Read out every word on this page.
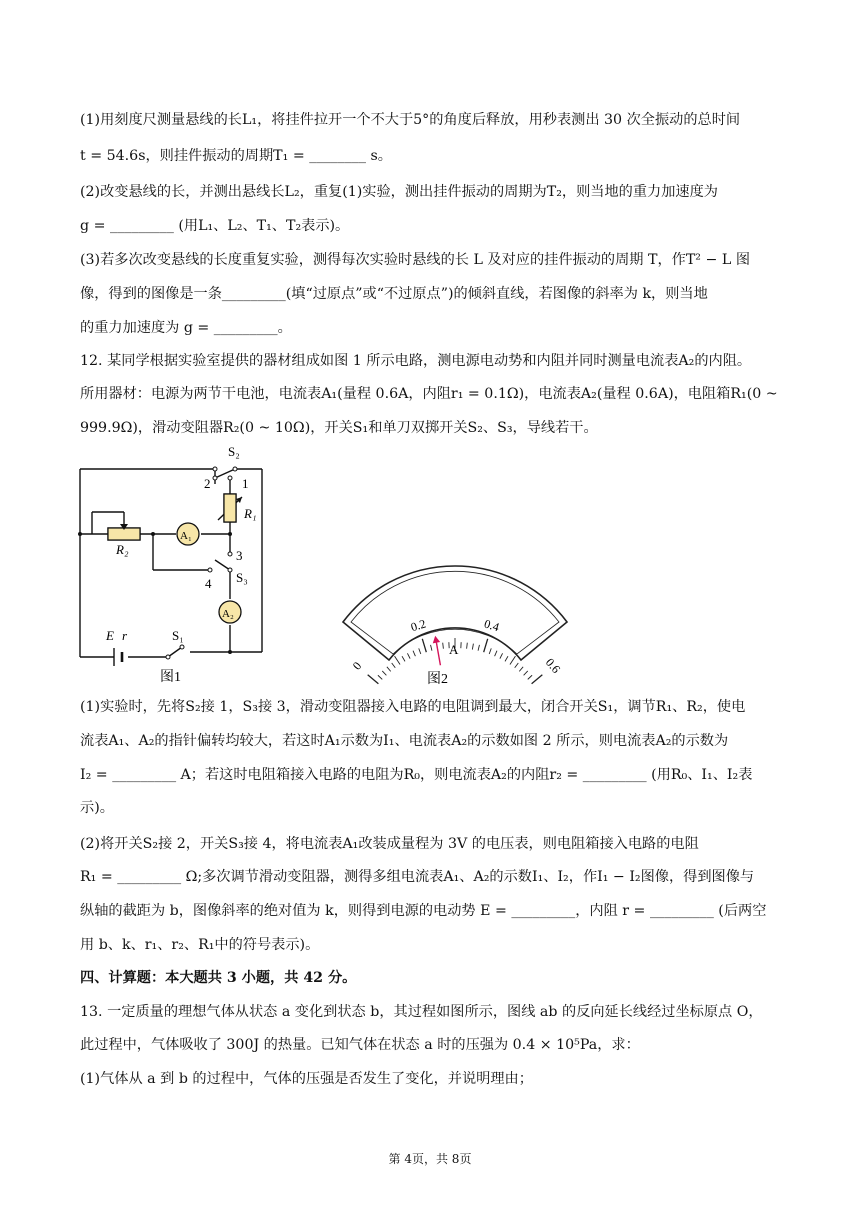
(1)用刻度尺测量悬线的长L₁，将挂件拉开一个不大于5°的角度后释放，用秒表测出 30 次全振动的总时间
t = 54.6s，则挂件振动的周期T₁ = ________ s。
(2)改变悬线的长，并测出悬线长L₂，重复(1)实验，测出挂件振动的周期为T₂，则当地的重力加速度为
g = _________ (用L₁、L₂、T₁、T₂表示)。
(3)若多次改变悬线的长度重复实验，测得每次实验时悬线的长 L 及对应的挂件振动的周期 T，作T² − L 图
像，得到的图像是一条_________(填“过原点”或“不过原点”)的倾斜直线，若图像的斜率为 k，则当地
的重力加速度为 g = _________。
12. 某同学根据实验室提供的器材组成如图 1 所示电路，测电源电动势和内阻并同时测量电流表A₂的内阻。
所用器材：电源为两节干电池，电流表A₁(量程 0.6A，内阻r₁ = 0.1Ω)，电流表A₂(量程 0.6A)，电阻箱R₁(0 ~
999.9Ω)，滑动变阻器R₂(0 ~ 10Ω)，开关S₁和单刀双掷开关S₂、S₃，导线若干。
S₂
2 1
R₁
R₂
A₁
3
S₃
4
A₂
E r	S₁
图1
0
0.2	0.4
0.6
A
图2
(1)实验时，先将S₂接 1，S₃接 3，滑动变阻器接入电路的电阻调到最大，闭合开关S₁，调节R₁、R₂，使电
流表A₁、A₂的指针偏转均较大，若这时A₁示数为I₁、电流表A₂的示数如图 2 所示，则电流表A₂的示数为
I₂ = _________ A；若这时电阻箱接入电路的电阻为R₀，则电流表A₂的内阻r₂ = _________ (用R₀、I₁、I₂表
示)。
(2)将开关S₂接 2，开关S₃接 4，将电流表A₁改装成量程为 3V 的电压表，则电阻箱接入电路的电阻
R₁ = _________ Ω;多次调节滑动变阻器，测得多组电流表A₁、A₂的示数I₁、I₂，作I₁ − I₂图像，得到图像与
纵轴的截距为 b，图像斜率的绝对值为 k，则得到电源的电动势 E = _________，内阻 r = _________ (后两空
用 b、k、r₁、r₂、R₁中的符号表示)。
四、计算题：本大题共 3 小题，共 42 分。
13. 一定质量的理想气体从状态 a 变化到状态 b，其过程如图所示，图线 ab 的反向延长线经过坐标原点 O，
此过程中，气体吸收了 300J 的热量。已知气体在状态 a 时的压强为 0.4 × 10⁵Pa，求：
(1)气体从 a 到 b 的过程中，气体的压强是否发生了变化，并说明理由；
第 4页，共 8页
